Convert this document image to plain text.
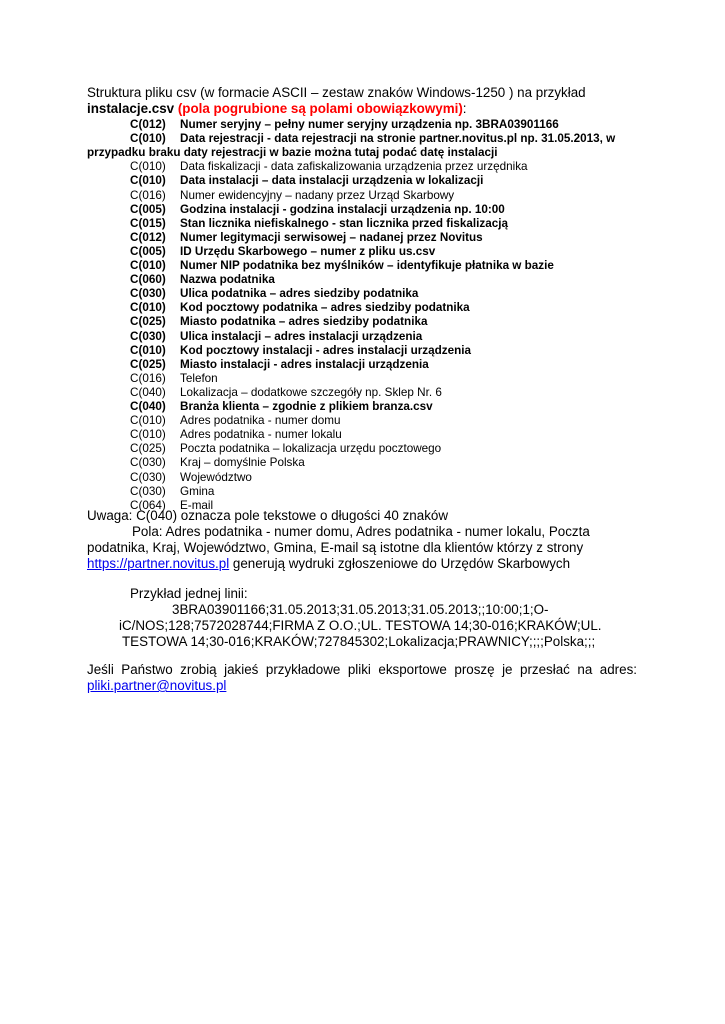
Struktura pliku csv (w formacie ASCII – zestaw znaków Windows-1250 ) na przykład
instalacje.csv (pola pogrubione są polami obowiązkowymi):
C(012) Numer seryjny – pełny numer seryjny urządzenia np. 3BRA03901166
C(010) Data rejestracji - data rejestracji na stronie partner.novitus.pl np. 31.05.2013, w
przypadku braku daty rejestracji w bazie można tutaj podać datę instalacji
C(010) Data fiskalizacji - data zafiskalizowania urządzenia przez urzędnika
C(010) Data instalacji – data instalacji urządzenia w lokalizacji
C(016) Numer ewidencyjny – nadany przez Urząd Skarbowy
C(005) Godzina instalacji - godzina instalacji urządzenia np. 10:00
C(015) Stan licznika niefiskalnego - stan licznika przed fiskalizacją
C(012) Numer legitymacji serwisowej – nadanej przez Novitus
C(005) ID Urzędu Skarbowego – numer z pliku us.csv
C(010) Numer NIP podatnika bez myślników – identyfikuje płatnika w bazie
C(060) Nazwa podatnika
C(030) Ulica podatnika – adres siedziby podatnika
C(010) Kod pocztowy podatnika – adres siedziby podatnika
C(025) Miasto podatnika – adres siedziby podatnika
C(030) Ulica instalacji – adres instalacji urządzenia
C(010) Kod pocztowy instalacji - adres instalacji urządzenia
C(025) Miasto instalacji - adres instalacji urządzenia
C(016) Telefon
C(040) Lokalizacja – dodatkowe szczegóły np. Sklep Nr. 6
C(040) Branża klienta – zgodnie z plikiem branza.csv
C(010) Adres podatnika - numer domu
C(010) Adres podatnika - numer lokalu
C(025) Poczta podatnika – lokalizacja urzędu pocztowego
C(030) Kraj – domyślnie Polska
C(030) Województwo
C(030) Gmina
C(064) E-mail
Uwaga: C(040) oznacza pole tekstowe o długości 40 znaków
Pola: Adres podatnika - numer domu, Adres podatnika - numer lokalu, Poczta
podatnika, Kraj, Województwo, Gmina, E-mail są istotne dla klientów którzy z strony
https://partner.novitus.pl generują wydruki zgłoszeniowe do Urzędów Skarbowych
Przykład jednej linii:
3BRA03901166;31.05.2013;31.05.2013;31.05.2013;;10:00;1;O-
iC/NOS;128;7572028744;FIRMA Z O.O.;UL. TESTOWA 14;30-016;KRAKÓW;UL.
TESTOWA 14;30-016;KRAKÓW;727845302;Lokalizacja;PRAWNICY;;;;Polska;;;
Jeśli Państwo zrobią jakieś przykładowe pliki eksportowe proszę je przesłać na adres:
pliki.partner@novitus.pl
